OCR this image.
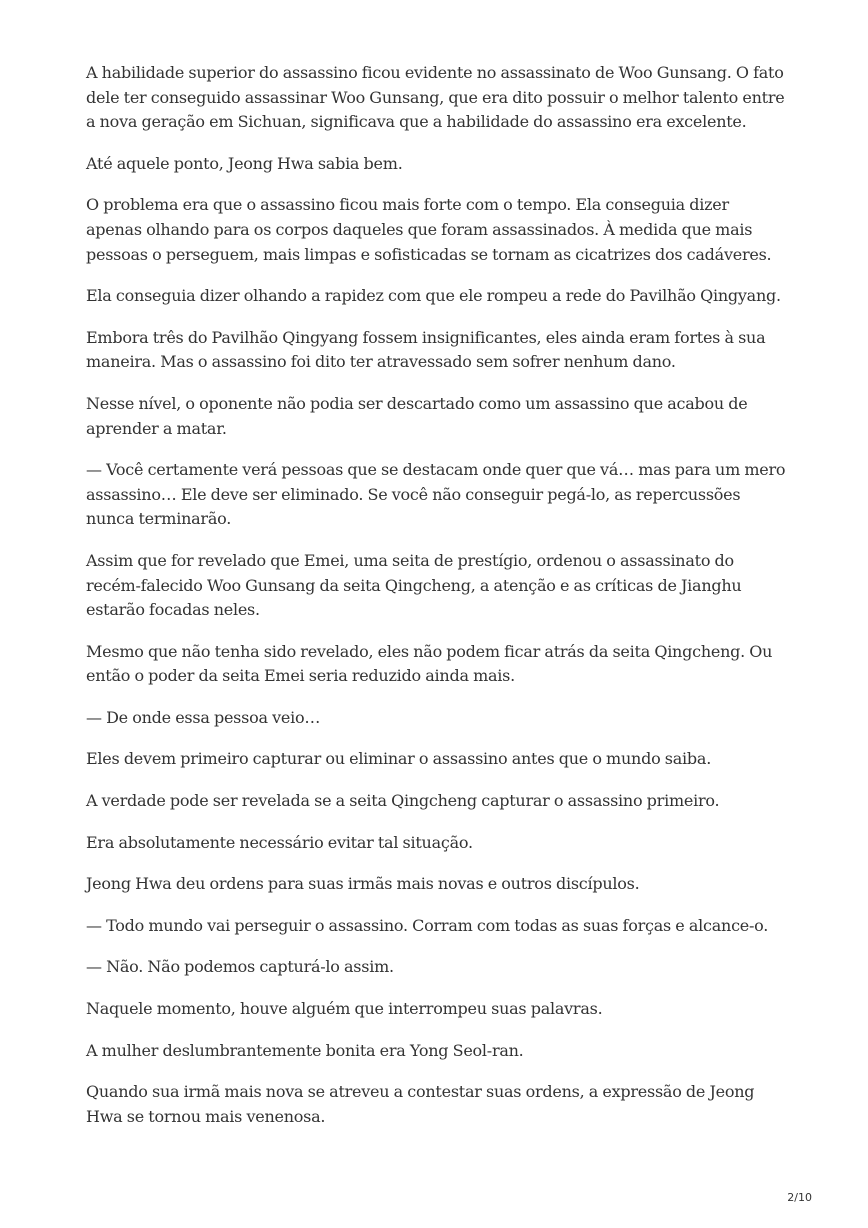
A habilidade superior do assassino ficou evidente no assassinato de Woo Gunsang. O fato dele ter conseguido assassinar Woo Gunsang, que era dito possuir o melhor talento entre a nova geração em Sichuan, significava que a habilidade do assassino era excelente.

Até aquele ponto, Jeong Hwa sabia bem.

O problema era que o assassino ficou mais forte com o tempo. Ela conseguia dizer apenas olhando para os corpos daqueles que foram assassinados. À medida que mais pessoas o perseguem, mais limpas e sofisticadas se tornam as cicatrizes dos cadáveres.

Ela conseguia dizer olhando a rapidez com que ele rompeu a rede do Pavilhão Qingyang.

Embora três do Pavilhão Qingyang fossem insignificantes, eles ainda eram fortes à sua maneira. Mas o assassino foi dito ter atravessado sem sofrer nenhum dano.

Nesse nível, o oponente não podia ser descartado como um assassino que acabou de aprender a matar.

— Você certamente verá pessoas que se destacam onde quer que vá… mas para um mero assassino… Ele deve ser eliminado. Se você não conseguir pegá-lo, as repercussões nunca terminarão.

Assim que for revelado que Emei, uma seita de prestígio, ordenou o assassinato do recém-falecido Woo Gunsang da seita Qingcheng, a atenção e as críticas de Jianghu estarão focadas neles.

Mesmo que não tenha sido revelado, eles não podem ficar atrás da seita Qingcheng. Ou então o poder da seita Emei seria reduzido ainda mais.

— De onde essa pessoa veio…

Eles devem primeiro capturar ou eliminar o assassino antes que o mundo saiba.

A verdade pode ser revelada se a seita Qingcheng capturar o assassino primeiro.

Era absolutamente necessário evitar tal situação.

Jeong Hwa deu ordens para suas irmãs mais novas e outros discípulos.

— Todo mundo vai perseguir o assassino. Corram com todas as suas forças e alcance-o.

— Não. Não podemos capturá-lo assim.

Naquele momento, houve alguém que interrompeu suas palavras.

A mulher deslumbrantemente bonita era Yong Seol-ran.

Quando sua irmã mais nova se atreveu a contestar suas ordens, a expressão de Jeong Hwa se tornou mais venenosa.

2/10
